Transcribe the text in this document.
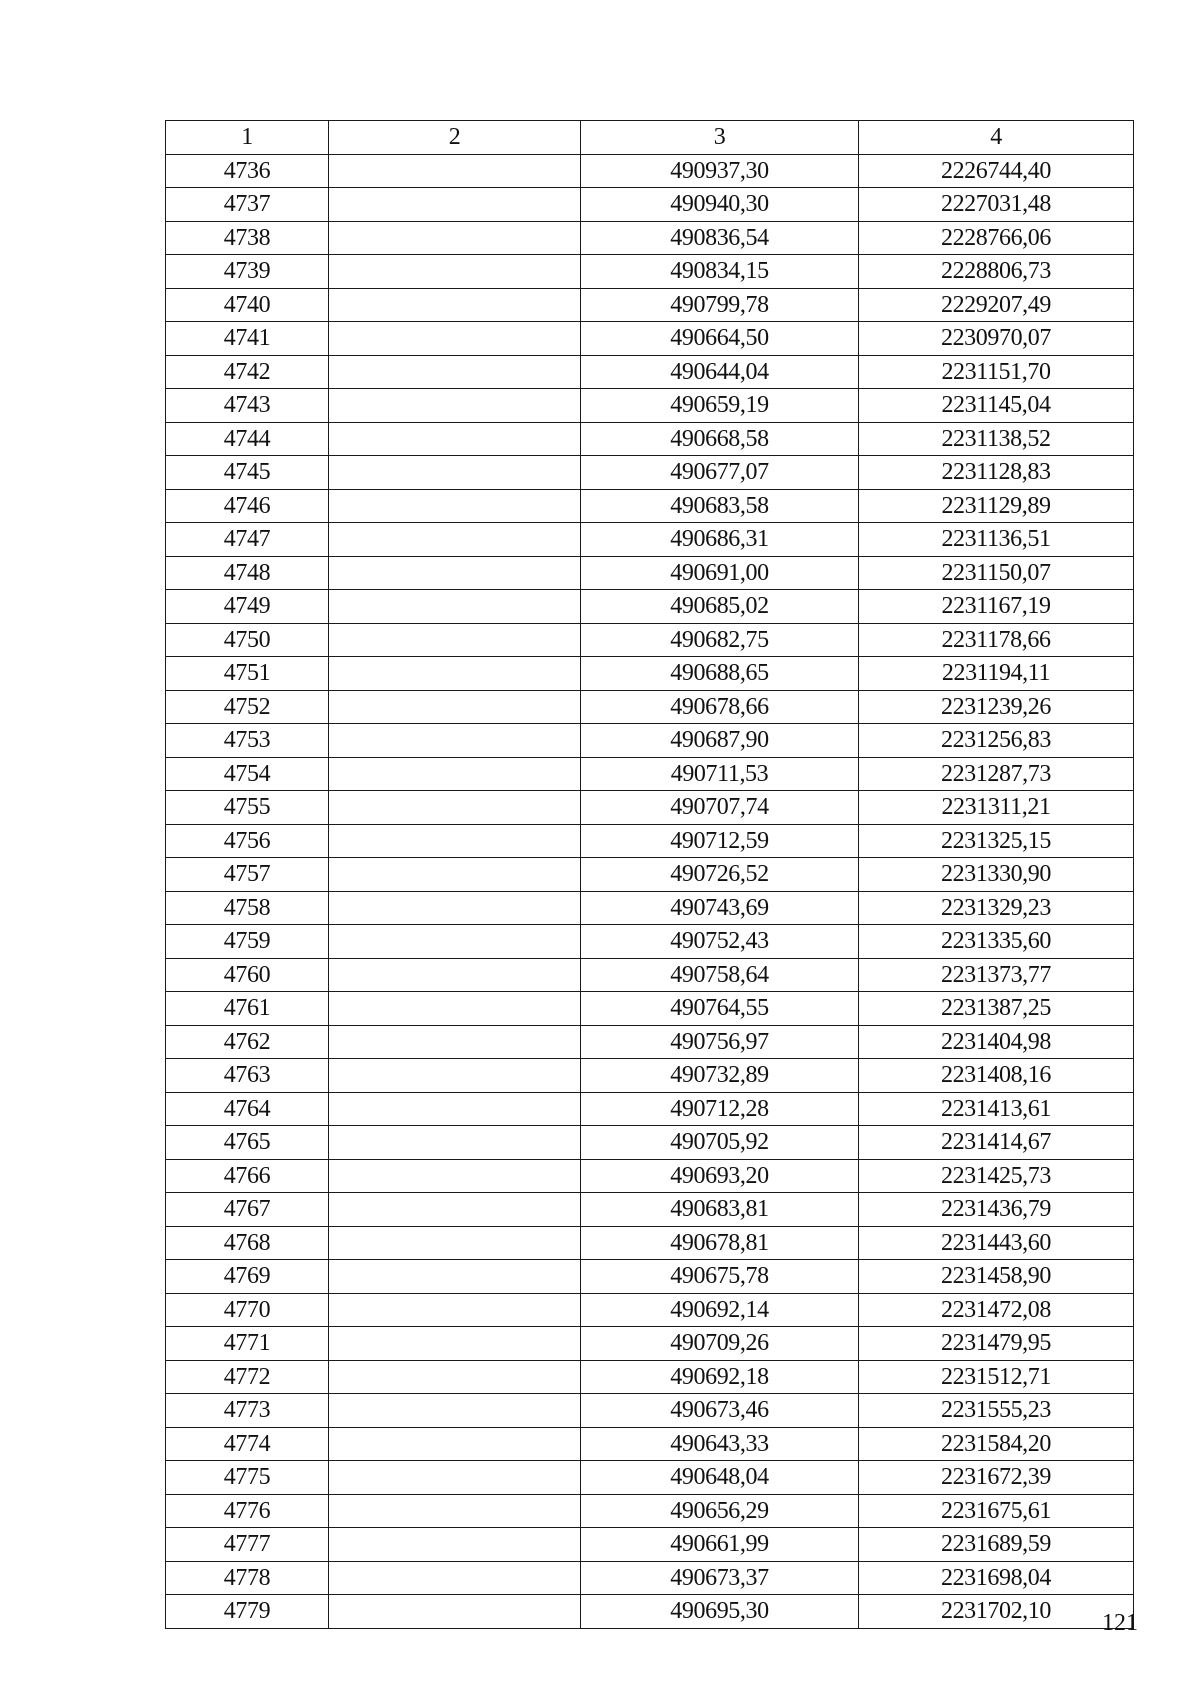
1	2	3	4
4736		490937,30	2226744,40
4737		490940,30	2227031,48
4738		490836,54	2228766,06
4739		490834,15	2228806,73
4740		490799,78	2229207,49
4741		490664,50	2230970,07
4742		490644,04	2231151,70
4743		490659,19	2231145,04
4744		490668,58	2231138,52
4745		490677,07	2231128,83
4746		490683,58	2231129,89
4747		490686,31	2231136,51
4748		490691,00	2231150,07
4749		490685,02	2231167,19
4750		490682,75	2231178,66
4751		490688,65	2231194,11
4752		490678,66	2231239,26
4753		490687,90	2231256,83
4754		490711,53	2231287,73
4755		490707,74	2231311,21
4756		490712,59	2231325,15
4757		490726,52	2231330,90
4758		490743,69	2231329,23
4759		490752,43	2231335,60
4760		490758,64	2231373,77
4761		490764,55	2231387,25
4762		490756,97	2231404,98
4763		490732,89	2231408,16
4764		490712,28	2231413,61
4765		490705,92	2231414,67
4766		490693,20	2231425,73
4767		490683,81	2231436,79
4768		490678,81	2231443,60
4769		490675,78	2231458,90
4770		490692,14	2231472,08
4771		490709,26	2231479,95
4772		490692,18	2231512,71
4773		490673,46	2231555,23
4774		490643,33	2231584,20
4775		490648,04	2231672,39
4776		490656,29	2231675,61
4777		490661,99	2231689,59
4778		490673,37	2231698,04
4779		490695,30	2231702,10 121
